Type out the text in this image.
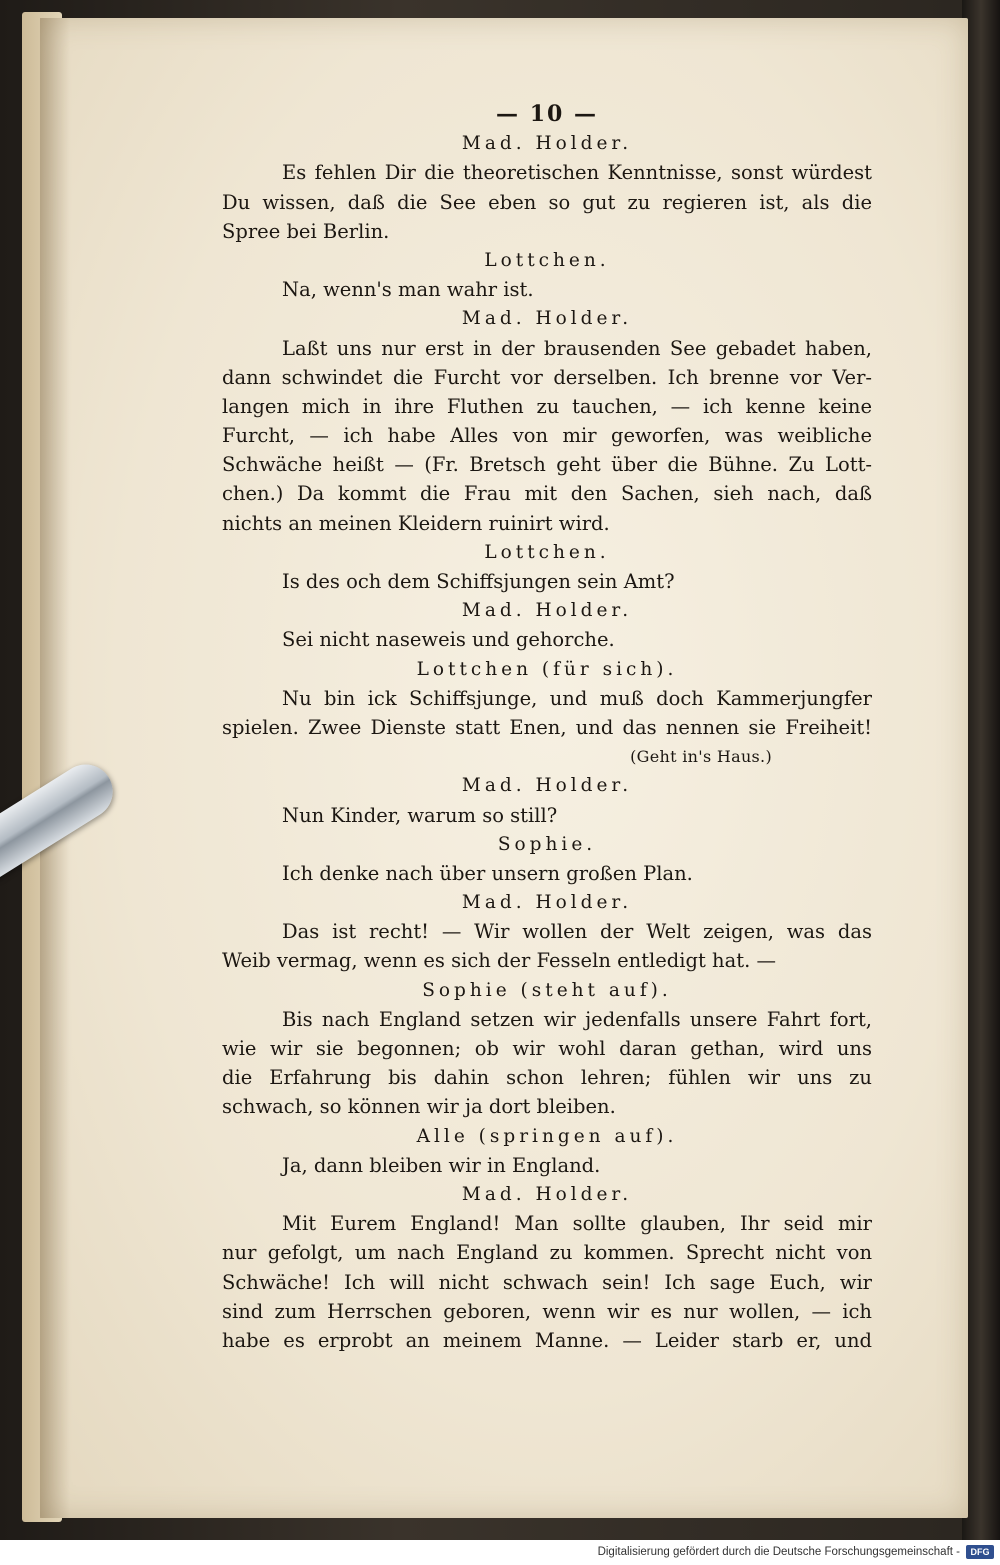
— 10 —
Mad. Holder.
Es fehlen Dir die theoretischen Kenntnisse, sonst würdest
Du wissen, daß die See eben so gut zu regieren ist, als die
Spree bei Berlin.
Lottchen.
Na, wenn's man wahr ist.
Mad. Holder.
Laßt uns nur erst in der brausenden See gebadet haben,
dann schwindet die Furcht vor derselben. Ich brenne vor Ver-
langen mich in ihre Fluthen zu tauchen, — ich kenne keine
Furcht, — ich habe Alles von mir geworfen, was weibliche
Schwäche heißt — (Fr. Bretsch geht über die Bühne. Zu Lott-
chen.) Da kommt die Frau mit den Sachen, sieh nach, daß
nichts an meinen Kleidern ruinirt wird.
Lottchen.
Is des och dem Schiffsjungen sein Amt?
Mad. Holder.
Sei nicht naseweis und gehorche.
Lottchen (für sich).
Nu bin ick Schiffsjunge, und muß doch Kammerjungfer
spielen. Zwee Dienste statt Enen, und das nennen sie Freiheit!
(Geht in's Haus.)
Mad. Holder.
Nun Kinder, warum so still?
Sophie.
Ich denke nach über unsern großen Plan.
Mad. Holder.
Das ist recht! — Wir wollen der Welt zeigen, was das
Weib vermag, wenn es sich der Fesseln entledigt hat. —
Sophie (steht auf).
Bis nach England setzen wir jedenfalls unsere Fahrt fort,
wie wir sie begonnen; ob wir wohl daran gethan, wird uns
die Erfahrung bis dahin schon lehren; fühlen wir uns zu
schwach, so können wir ja dort bleiben.
Alle (springen auf).
Ja, dann bleiben wir in England.
Mad. Holder.
Mit Eurem England! Man sollte glauben, Ihr seid mir
nur gefolgt, um nach England zu kommen. Sprecht nicht von
Schwäche! Ich will nicht schwach sein! Ich sage Euch, wir
sind zum Herrschen geboren, wenn wir es nur wollen, — ich
habe es erprobt an meinem Manne. — Leider starb er, und
Digitalisierung gefördert durch die Deutsche Forschungsgemeinschaft -	DFG
